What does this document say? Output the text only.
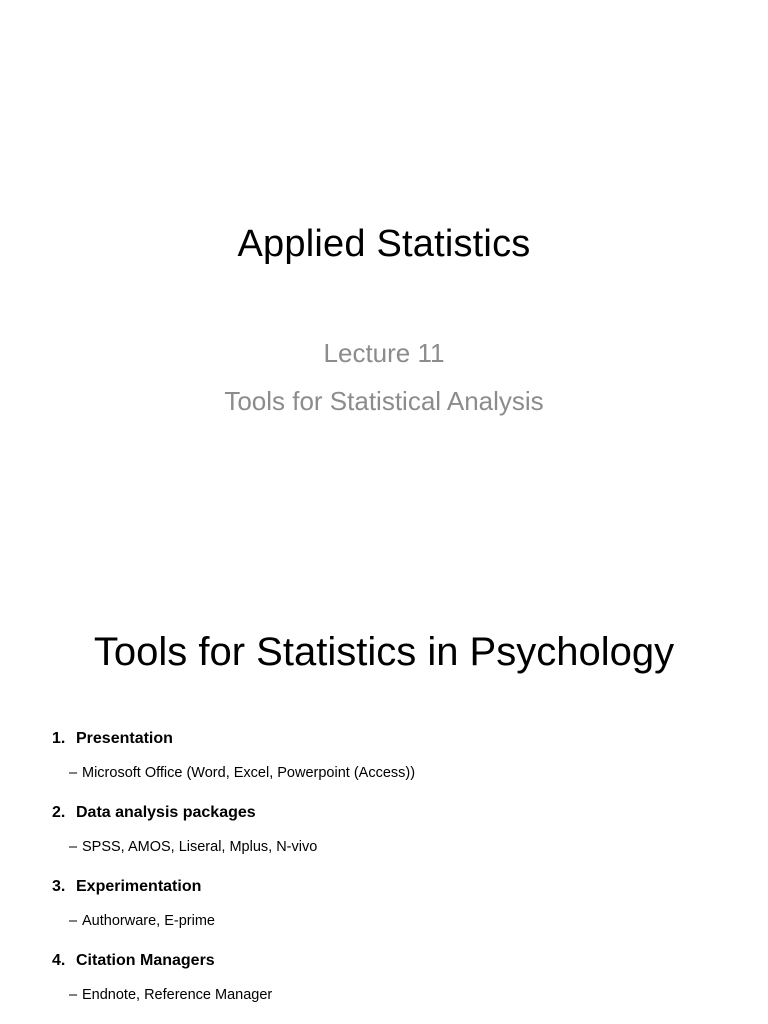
Applied Statistics
Lecture 11
Tools for Statistical Analysis
Tools for Statistics in Psychology
1. Presentation
– Microsoft Office (Word, Excel, Powerpoint (Access))
2. Data analysis packages
– SPSS, AMOS, Liseral, Mplus, N-vivo
3. Experimentation
– Authorware, E-prime
4. Citation Managers
– Endnote, Reference Manager
